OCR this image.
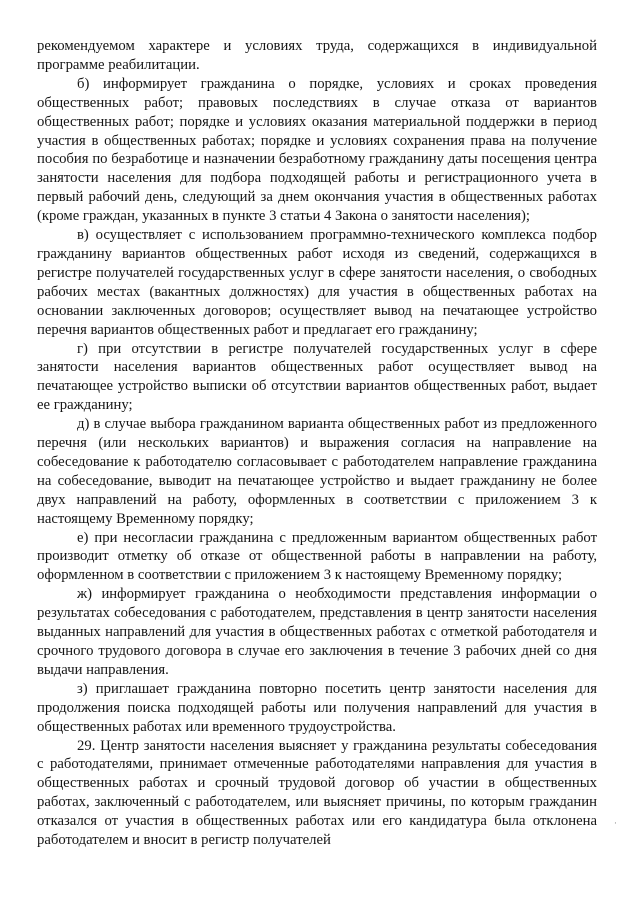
рекомендуемом характере и условиях труда, содержащихся в индивидуальной программе реабилитации.

б) информирует гражданина о порядке, условиях и сроках проведения общественных работ; правовых последствиях в случае отказа от вариантов общественных работ; порядке и условиях оказания материальной поддержки в период участия в общественных работах; порядке и условиях сохранения права на получение пособия по безработице и назначении безработному гражданину даты посещения центра занятости населения для подбора подходящей работы и регистрационного учета в первый рабочий день, следующий за днем окончания участия в общественных работах (кроме граждан, указанных в пункте 3 статьи 4 Закона о занятости населения);

в) осуществляет с использованием программно-технического комплекса подбор гражданину вариантов общественных работ исходя из сведений, содержащихся в регистре получателей государственных услуг в сфере занятости населения, о свободных рабочих местах (вакантных должностях) для участия в общественных работах на основании заключенных договоров; осуществляет вывод на печатающее устройство перечня вариантов общественных работ и предлагает его гражданину;

г) при отсутствии в регистре получателей государственных услуг в сфере занятости населения вариантов общественных работ осуществляет вывод на печатающее устройство выписки об отсутствии вариантов общественных работ, выдает ее гражданину;

д) в случае выбора гражданином варианта общественных работ из предложенного перечня (или нескольких вариантов) и выражения согласия на направление на собеседование к работодателю согласовывает с работодателем направление гражданина на собеседование, выводит на печатающее устройство и выдает гражданину не более двух направлений на работу, оформленных в соответствии с приложением 3 к настоящему Временному порядку;

е) при несогласии гражданина с предложенным вариантом общественных работ производит отметку об отказе от общественной работы в направлении на работу, оформленном в соответствии с приложением 3 к настоящему Временному порядку;

ж) информирует гражданина о необходимости представления информации о результатах собеседования с работодателем, представления в центр занятости населения выданных направлений для участия в общественных работах с отметкой работодателя и срочного трудового договора в случае его заключения в течение 3 рабочих дней со дня выдачи направления.

з) приглашает гражданина повторно посетить центр занятости населения для продолжения поиска подходящей работы или получения направлений для участия в общественных работах или временного трудоустройства.

29. Центр занятости населения выясняет у гражданина результаты собеседования с работодателями, принимает отмеченные работодателями направления для участия в общественных работах и срочный трудовой договор об участии в общественных работах, заключенный с работодателем, или выясняет причины, по которым гражданин отказался от участия в общественных работах или его кандидатура была отклонена работодателем и вносит в регистр получателей

·
